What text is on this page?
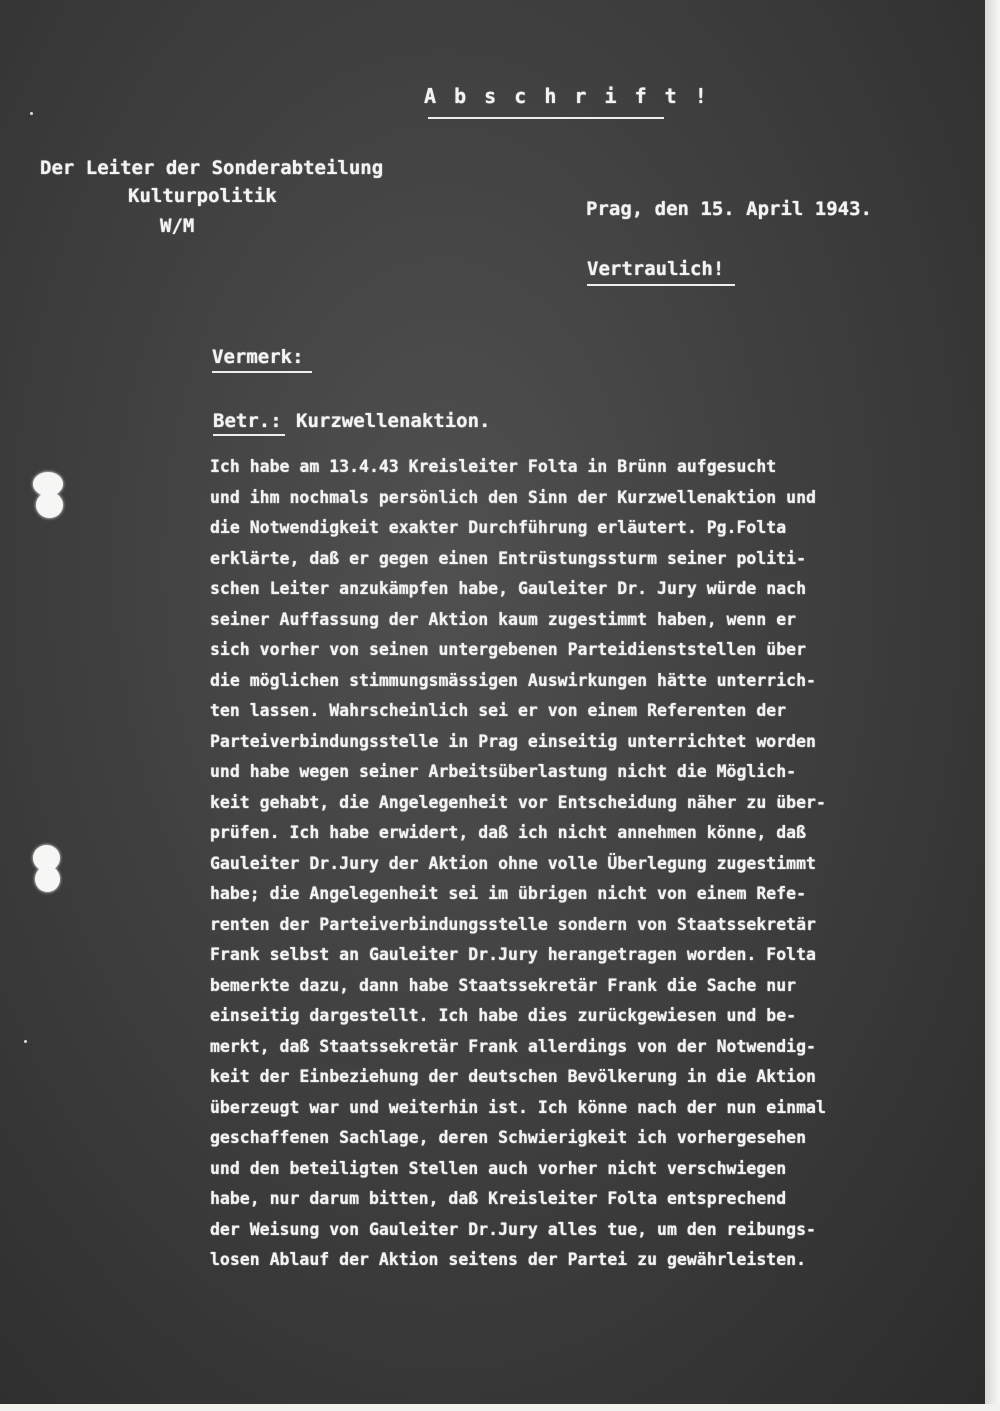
A b s c h r i f t !
Der Leiter der Sonderabteilung
Kulturpolitik
W/M
Prag, den 15. April 1943.
Vertraulich!
Vermerk:
Betr.: Kurzwellenaktion.
Ich habe am 13.4.43 Kreisleiter Folta in Brünn aufgesucht
und ihm nochmals persönlich den Sinn der Kurzwellenaktion und
die Notwendigkeit exakter Durchführung erläutert. Pg.Folta
erklärte, daß er gegen einen Entrüstungssturm seiner politi-
schen Leiter anzukämpfen habe, Gauleiter Dr. Jury würde nach
seiner Auffassung der Aktion kaum zugestimmt haben, wenn er
sich vorher von seinen untergebenen Parteidienststellen über
die möglichen stimmungsmässigen Auswirkungen hätte unterrich-
ten lassen. Wahrscheinlich sei er von einem Referenten der
Parteiverbindungsstelle in Prag einseitig unterrichtet worden
und habe wegen seiner Arbeitsüberlastung nicht die Möglich-
keit gehabt, die Angelegenheit vor Entscheidung näher zu über-
prüfen. Ich habe erwidert, daß ich nicht annehmen könne, daß
Gauleiter Dr.Jury der Aktion ohne volle Überlegung zugestimmt
habe; die Angelegenheit sei im übrigen nicht von einem Refe-
renten der Parteiverbindungsstelle sondern von Staatssekretär
Frank selbst an Gauleiter Dr.Jury herangetragen worden. Folta
bemerkte dazu, dann habe Staatssekretär Frank die Sache nur
einseitig dargestellt. Ich habe dies zurückgewiesen und be-
merkt, daß Staatssekretär Frank allerdings von der Notwendig-
keit der Einbeziehung der deutschen Bevölkerung in die Aktion
überzeugt war und weiterhin ist. Ich könne nach der nun einmal
geschaffenen Sachlage, deren Schwierigkeit ich vorhergesehen
und den beteiligten Stellen auch vorher nicht verschwiegen
habe, nur darum bitten, daß Kreisleiter Folta entsprechend
der Weisung von Gauleiter Dr.Jury alles tue, um den reibungs-
losen Ablauf der Aktion seitens der Partei zu gewährleisten.
